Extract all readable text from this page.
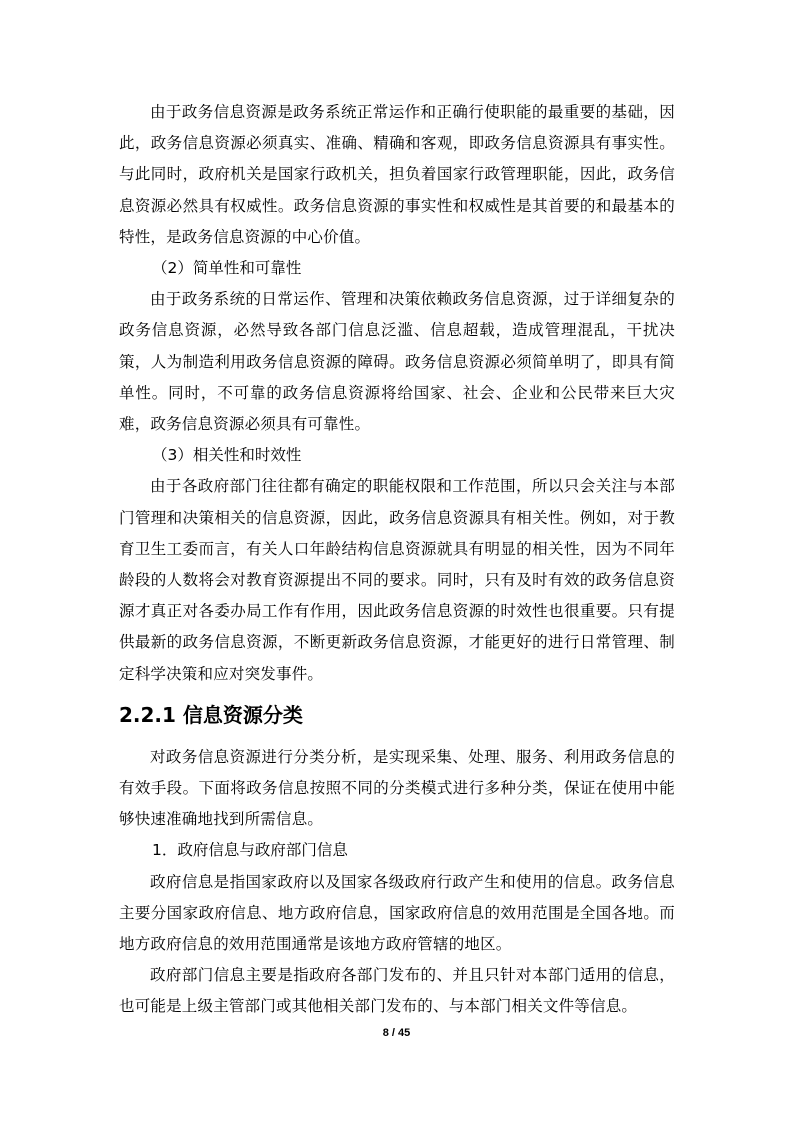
由于政务信息资源是政务系统正常运作和正确行使职能的最重要的基础，因此，政务信息资源必须真实、准确、精确和客观，即政务信息资源具有事实性。与此同时，政府机关是国家行政机关，担负着国家行政管理职能，因此，政务信息资源必然具有权威性。政务信息资源的事实性和权威性是其首要的和最基本的特性，是政务信息资源的中心价值。

（2）简单性和可靠性

由于政务系统的日常运作、管理和决策依赖政务信息资源，过于详细复杂的政务信息资源，必然导致各部门信息泛滥、信息超载，造成管理混乱，干扰决策，人为制造利用政务信息资源的障碍。政务信息资源必须简单明了，即具有简单性。同时，不可靠的政务信息资源将给国家、社会、企业和公民带来巨大灾难，政务信息资源必须具有可靠性。

（3）相关性和时效性

由于各政府部门往往都有确定的职能权限和工作范围，所以只会关注与本部门管理和决策相关的信息资源，因此，政务信息资源具有相关性。例如，对于教育卫生工委而言，有关人口年龄结构信息资源就具有明显的相关性，因为不同年龄段的人数将会对教育资源提出不同的要求。同时，只有及时有效的政务信息资源才真正对各委办局工作有作用，因此政务信息资源的时效性也很重要。只有提供最新的政务信息资源，不断更新政务信息资源，才能更好的进行日常管理、制定科学决策和应对突发事件。

2.2.1 信息资源分类

对政务信息资源进行分类分析，是实现采集、处理、服务、利用政务信息的有效手段。下面将政务信息按照不同的分类模式进行多种分类，保证在使用中能够快速准确地找到所需信息。

1．政府信息与政府部门信息

政府信息是指国家政府以及国家各级政府行政产生和使用的信息。政务信息主要分国家政府信息、地方政府信息，国家政府信息的效用范围是全国各地。而地方政府信息的效用范围通常是该地方政府管辖的地区。

政府部门信息主要是指政府各部门发布的、并且只针对本部门适用的信息，也可能是上级主管部门或其他相关部门发布的、与本部门相关文件等信息。

8 / 45
